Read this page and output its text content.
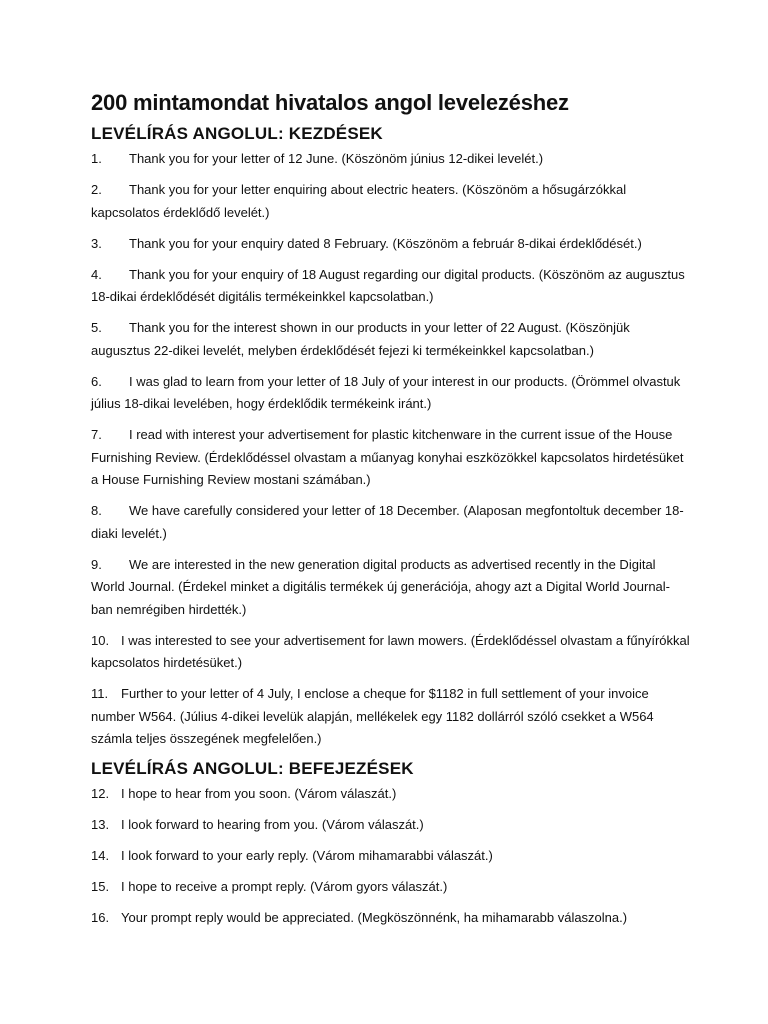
200 mintamondat hivatalos angol levelezéshez
LEVÉLÍRÁS ANGOLUL: KEZDÉSEK
1. Thank you for your letter of 12 June. (Köszönöm június 12-dikei levelét.)
2. Thank you for your letter enquiring about electric heaters. (Köszönöm a hősugárzókkal kapcsolatos érdeklődő levelét.)
3. Thank you for your enquiry dated 8 February. (Köszönöm a február 8-dikai érdeklődését.)
4. Thank you for your enquiry of 18 August regarding our digital products. (Köszönöm az augusztus 18-dikai érdeklődését digitális termékeinkkel kapcsolatban.)
5. Thank you for the interest shown in our products in your letter of 22 August. (Köszönjük augusztus 22-dikei levelét, melyben érdeklődését fejezi ki termékeinkkel kapcsolatban.)
6. I was glad to learn from your letter of 18 July of your interest in our products. (Örömmel olvastuk július 18-dikai levelében, hogy érdeklődik termékeink iránt.)
7. I read with interest your advertisement for plastic kitchenware in the current issue of the House Furnishing Review. (Érdeklődéssel olvastam a műanyag konyhai eszközökkel kapcsolatos hirdetésüket a House Furnishing Review mostani számában.)
8. We have carefully considered your letter of 18 December. (Alaposan megfontoltuk december 18-diaki levelét.)
9. We are interested in the new generation digital products as advertised recently in the Digital World Journal. (Érdekel minket a digitális termékek új generációja, ahogy azt a Digital World Journal-ban nemrégiben hirdették.)
10. I was interested to see your advertisement for lawn mowers. (Érdeklődéssel olvastam a fűnyírókkal kapcsolatos hirdetésüket.)
11. Further to your letter of 4 July, I enclose a cheque for $1182 in full settlement of your invoice number W564. (Július 4-dikei levelük alapján, mellékelek egy 1182 dollárról szóló csekket a W564 számla teljes összegének megfelelően.)
LEVÉLÍRÁS ANGOLUL: BEFEJEZÉSEK
12. I hope to hear from you soon. (Várom válaszát.)
13. I look forward to hearing from you. (Várom válaszát.)
14. I look forward to your early reply. (Várom mihamarabbi válaszát.)
15. I hope to receive a prompt reply. (Várom gyors válaszát.)
16. Your prompt reply would be appreciated. (Megköszönnénk, ha mihamarabb válaszolna.)
